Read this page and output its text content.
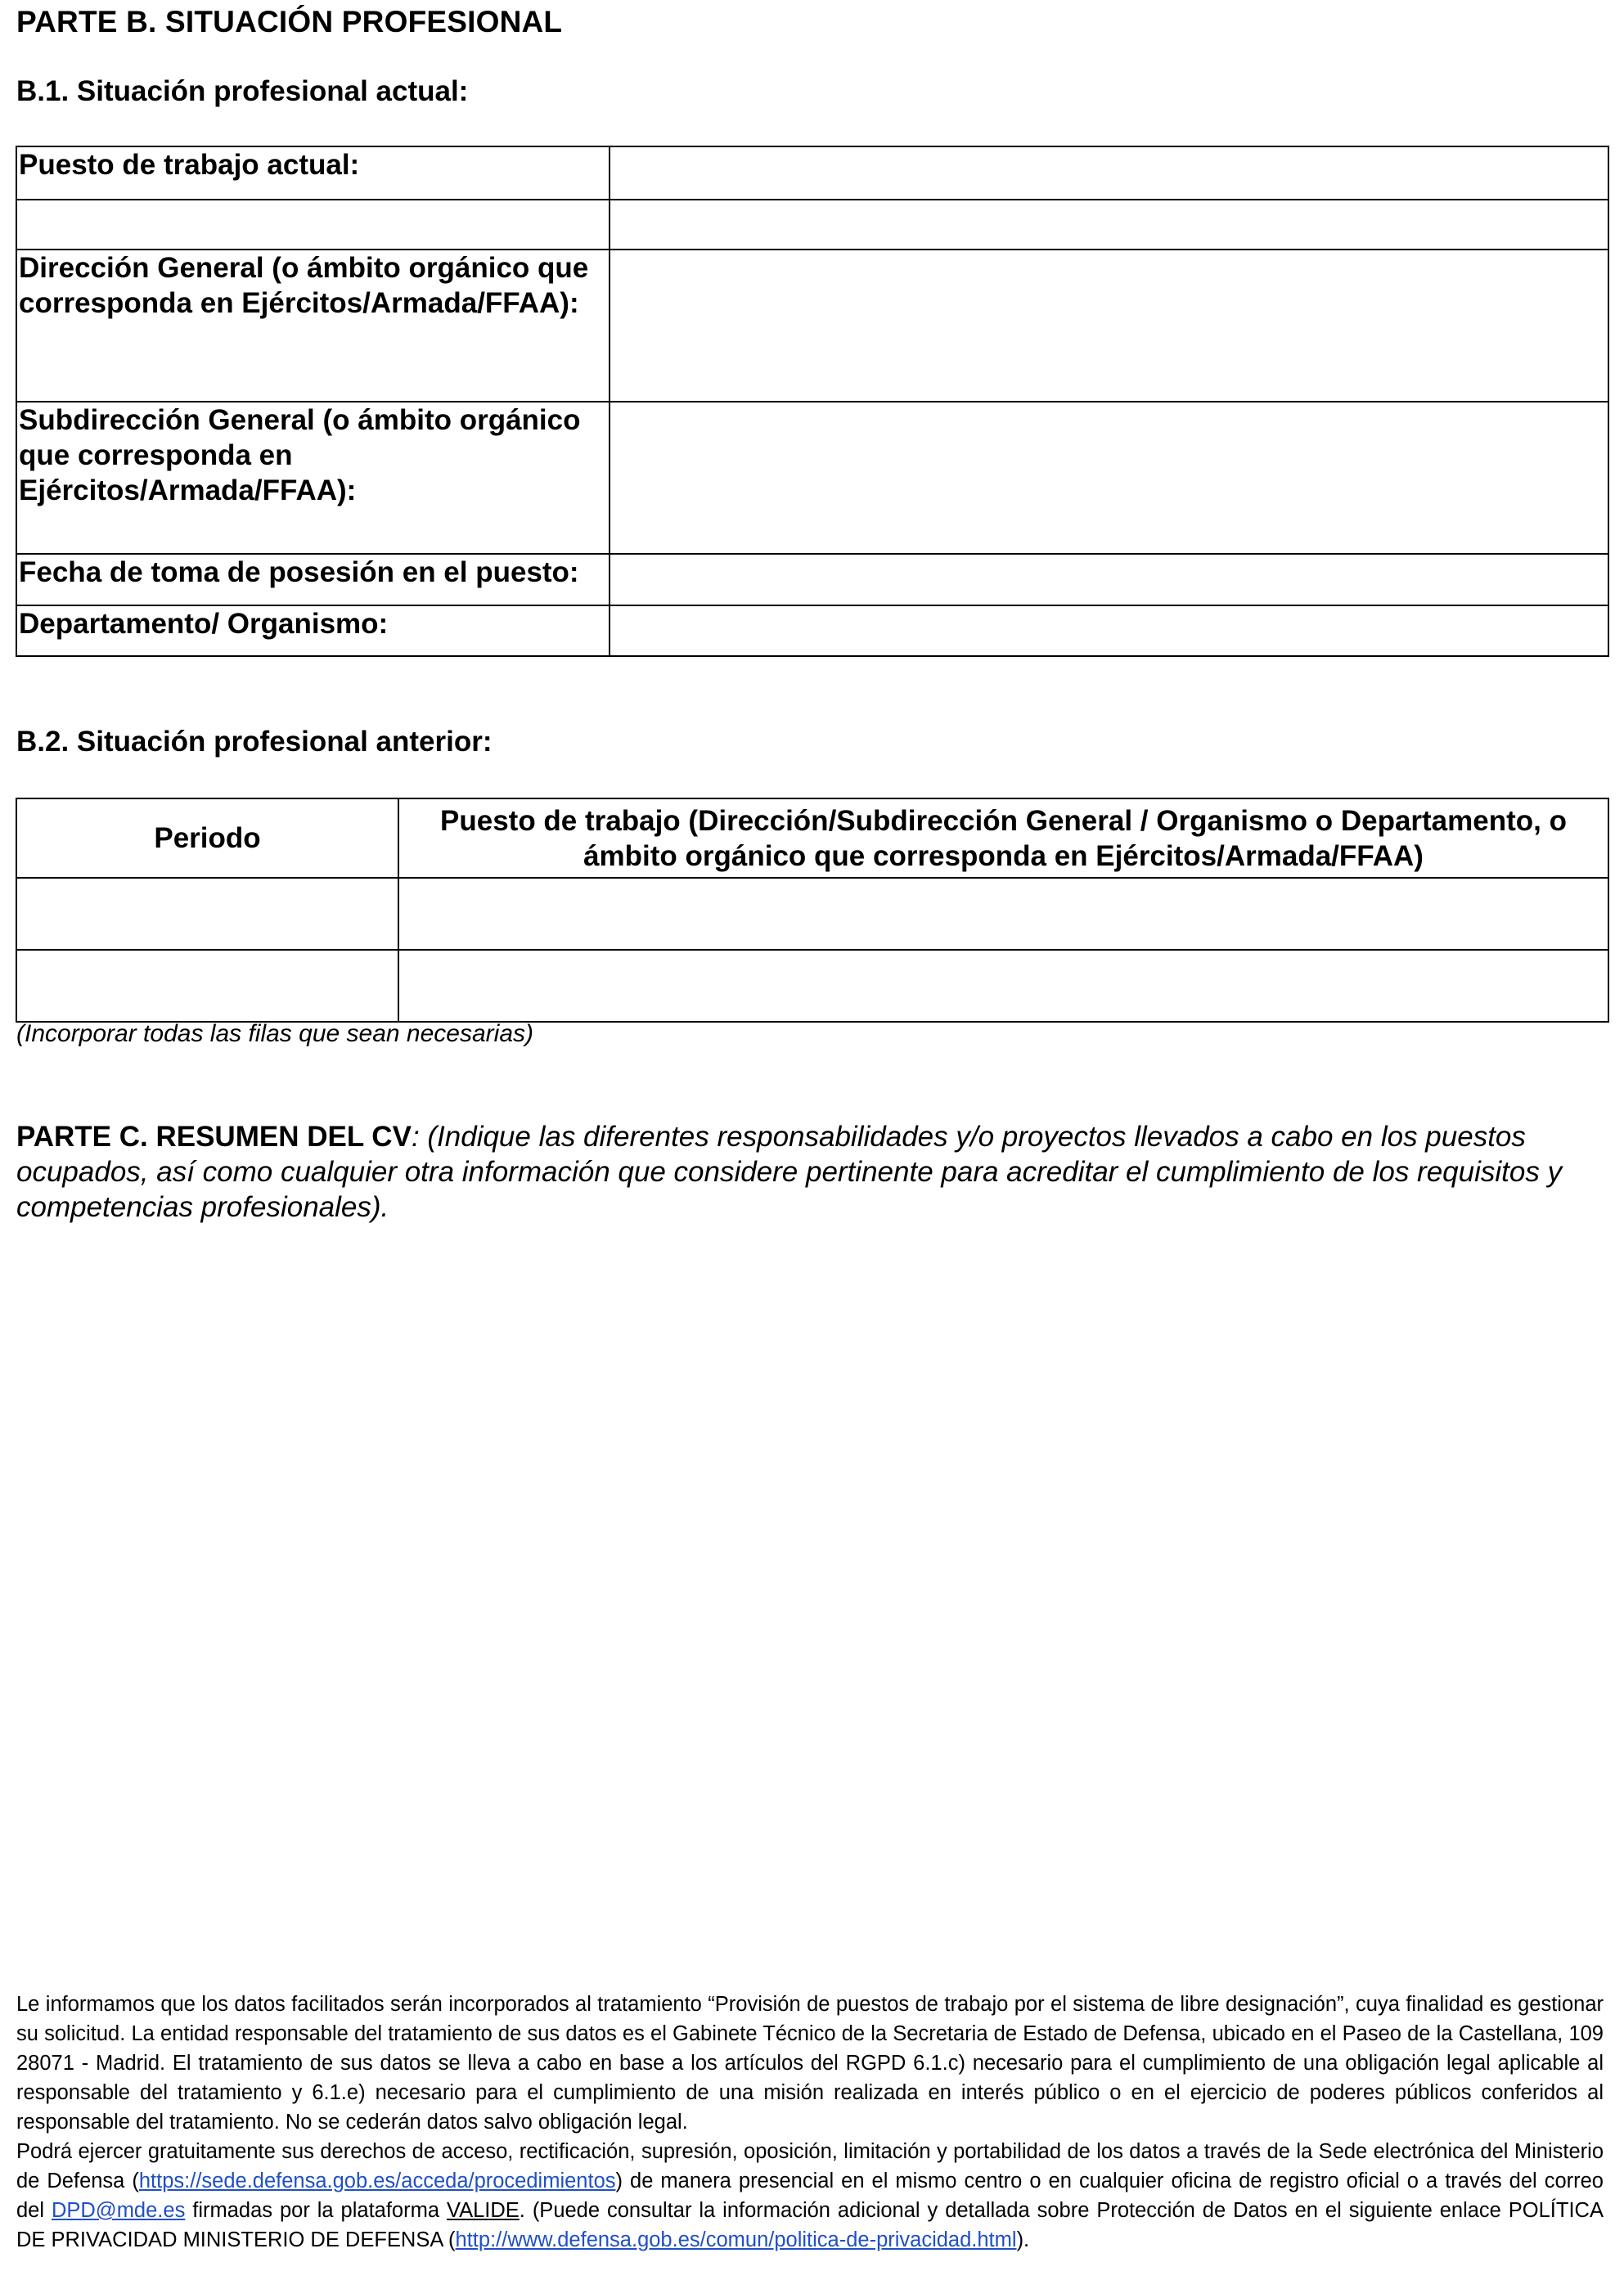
PARTE B. SITUACIÓN PROFESIONAL
B.1. Situación profesional actual:
Puesto de trabajo actual:	

Dirección General (o ámbito orgánico que corresponda en Ejércitos/Armada/FFAA):	
Subdirección General (o ámbito orgánico que corresponda en Ejércitos/Armada/FFAA):	
Fecha de toma de posesión en el puesto:	
Departamento/ Organismo:	
B.2. Situación profesional anterior:
Periodo	Puesto de trabajo (Dirección/Subdirección General / Organismo o Departamento, o ámbito orgánico que corresponda en Ejércitos/Armada/FFAA)

(Incorporar todas las filas que sean necesarias)
PARTE C. RESUMEN DEL CV: (Indique las diferentes responsabilidades y/o proyectos llevados a cabo en los puestos ocupados, así como cualquier otra información que considere pertinente para acreditar el cumplimiento de los requisitos y competencias profesionales).

Le informamos que los datos facilitados serán incorporados al tratamiento “Provisión de puestos de trabajo por el sistema de libre designación”, cuya finalidad es gestionar su solicitud. La entidad responsable del tratamiento de sus datos es el Gabinete Técnico de la Secretaria de Estado de Defensa, ubicado en el Paseo de la Castellana, 109 28071 - Madrid. El tratamiento de sus datos se lleva a cabo en base a los artículos del RGPD 6.1.c) necesario para el cumplimiento de una obligación legal aplicable al responsable del tratamiento y 6.1.e) necesario para el cumplimiento de una misión realizada en interés público o en el ejercicio de poderes públicos conferidos al responsable del tratamiento. No se cederán datos salvo obligación legal.

Podrá ejercer gratuitamente sus derechos de acceso, rectificación, supresión, oposición, limitación y portabilidad de los datos a través de la Sede electrónica del Ministerio de Defensa (https://sede.defensa.gob.es/acceda/procedimientos) de manera presencial en el mismo centro o en cualquier oficina de registro oficial o a través del correo del DPD@mde.es firmadas por la plataforma VALIDE. (Puede consultar la información adicional y detallada sobre Protección de Datos en el siguiente enlace POLÍTICA DE PRIVACIDAD MINISTERIO DE DEFENSA (http://www.defensa.gob.es/comun/politica-de-privacidad.html).
